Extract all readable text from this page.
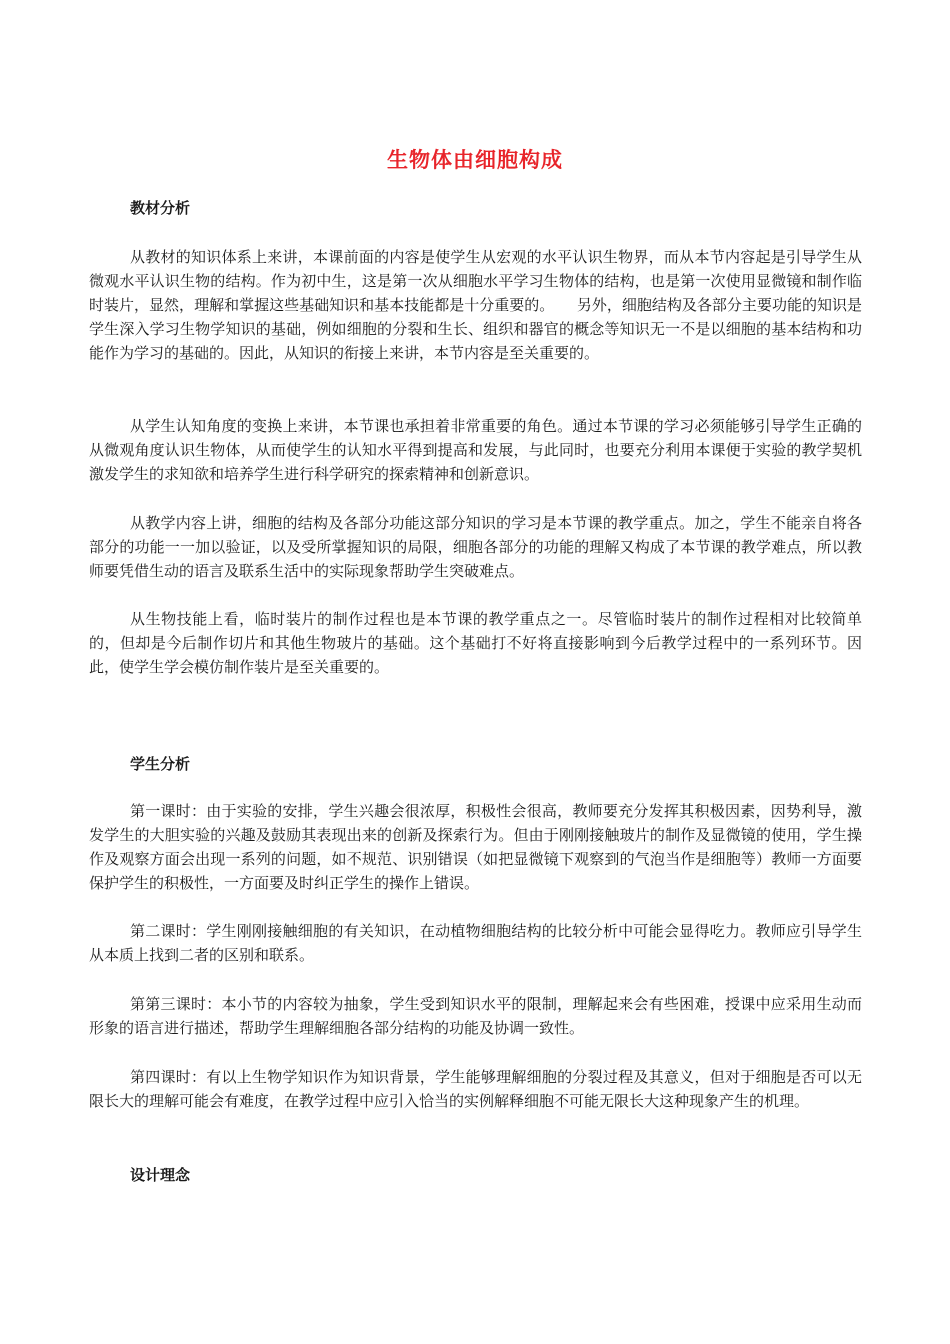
生物体由细胞构成
教材分析

从教材的知识体系上来讲，本课前面的内容是使学生从宏观的水平认识生物界，而从本节内容起是引导学生从微观水平认识生物的结构。作为初中生，这是第一次从细胞水平学习生物体的结构，也是第一次使用显微镜和制作临时装片，显然，理解和掌握这些基础知识和基本技能都是十分重要的。　　另外，细胞结构及各部分主要功能的知识是学生深入学习生物学知识的基础，例如细胞的分裂和生长、组织和器官的概念等知识无一不是以细胞的基本结构和功能作为学习的基础的。因此，从知识的衔接上来讲，本节内容是至关重要的。

从学生认知角度的变换上来讲，本节课也承担着非常重要的角色。通过本节课的学习必须能够引导学生正确的从微观角度认识生物体，从而使学生的认知水平得到提高和发展，与此同时，也要充分利用本课便于实验的教学契机激发学生的求知欲和培养学生进行科学研究的探索精神和创新意识。

从教学内容上讲，细胞的结构及各部分功能这部分知识的学习是本节课的教学重点。加之，学生不能亲自将各部分的功能一一加以验证，以及受所掌握知识的局限，细胞各部分的功能的理解又构成了本节课的教学难点，所以教师要凭借生动的语言及联系生活中的实际现象帮助学生突破难点。

从生物技能上看，临时装片的制作过程也是本节课的教学重点之一。尽管临时装片的制作过程相对比较简单的，但却是今后制作切片和其他生物玻片的基础。这个基础打不好将直接影响到今后教学过程中的一系列环节。因此，使学生学会模仿制作装片是至关重要的。

学生分析

第一课时：由于实验的安排，学生兴趣会很浓厚，积极性会很高，教师要充分发挥其积极因素，因势利导，激发学生的大胆实验的兴趣及鼓励其表现出来的创新及探索行为。但由于刚刚接触玻片的制作及显微镜的使用，学生操作及观察方面会出现一系列的问题，如不规范、识别错误（如把显微镜下观察到的气泡当作是细胞等）教师一方面要保护学生的积极性，一方面要及时纠正学生的操作上错误。

第二课时：学生刚刚接触细胞的有关知识，在动植物细胞结构的比较分析中可能会显得吃力。教师应引导学生从本质上找到二者的区别和联系。

第第三课时：本小节的内容较为抽象，学生受到知识水平的限制，理解起来会有些困难，授课中应采用生动而形象的语言进行描述，帮助学生理解细胞各部分结构的功能及协调一致性。

第四课时：有以上生物学知识作为知识背景，学生能够理解细胞的分裂过程及其意义，但对于细胞是否可以无限长大的理解可能会有难度，在教学过程中应引入恰当的实例解释细胞不可能无限长大这种现象产生的机理。

设计理念
